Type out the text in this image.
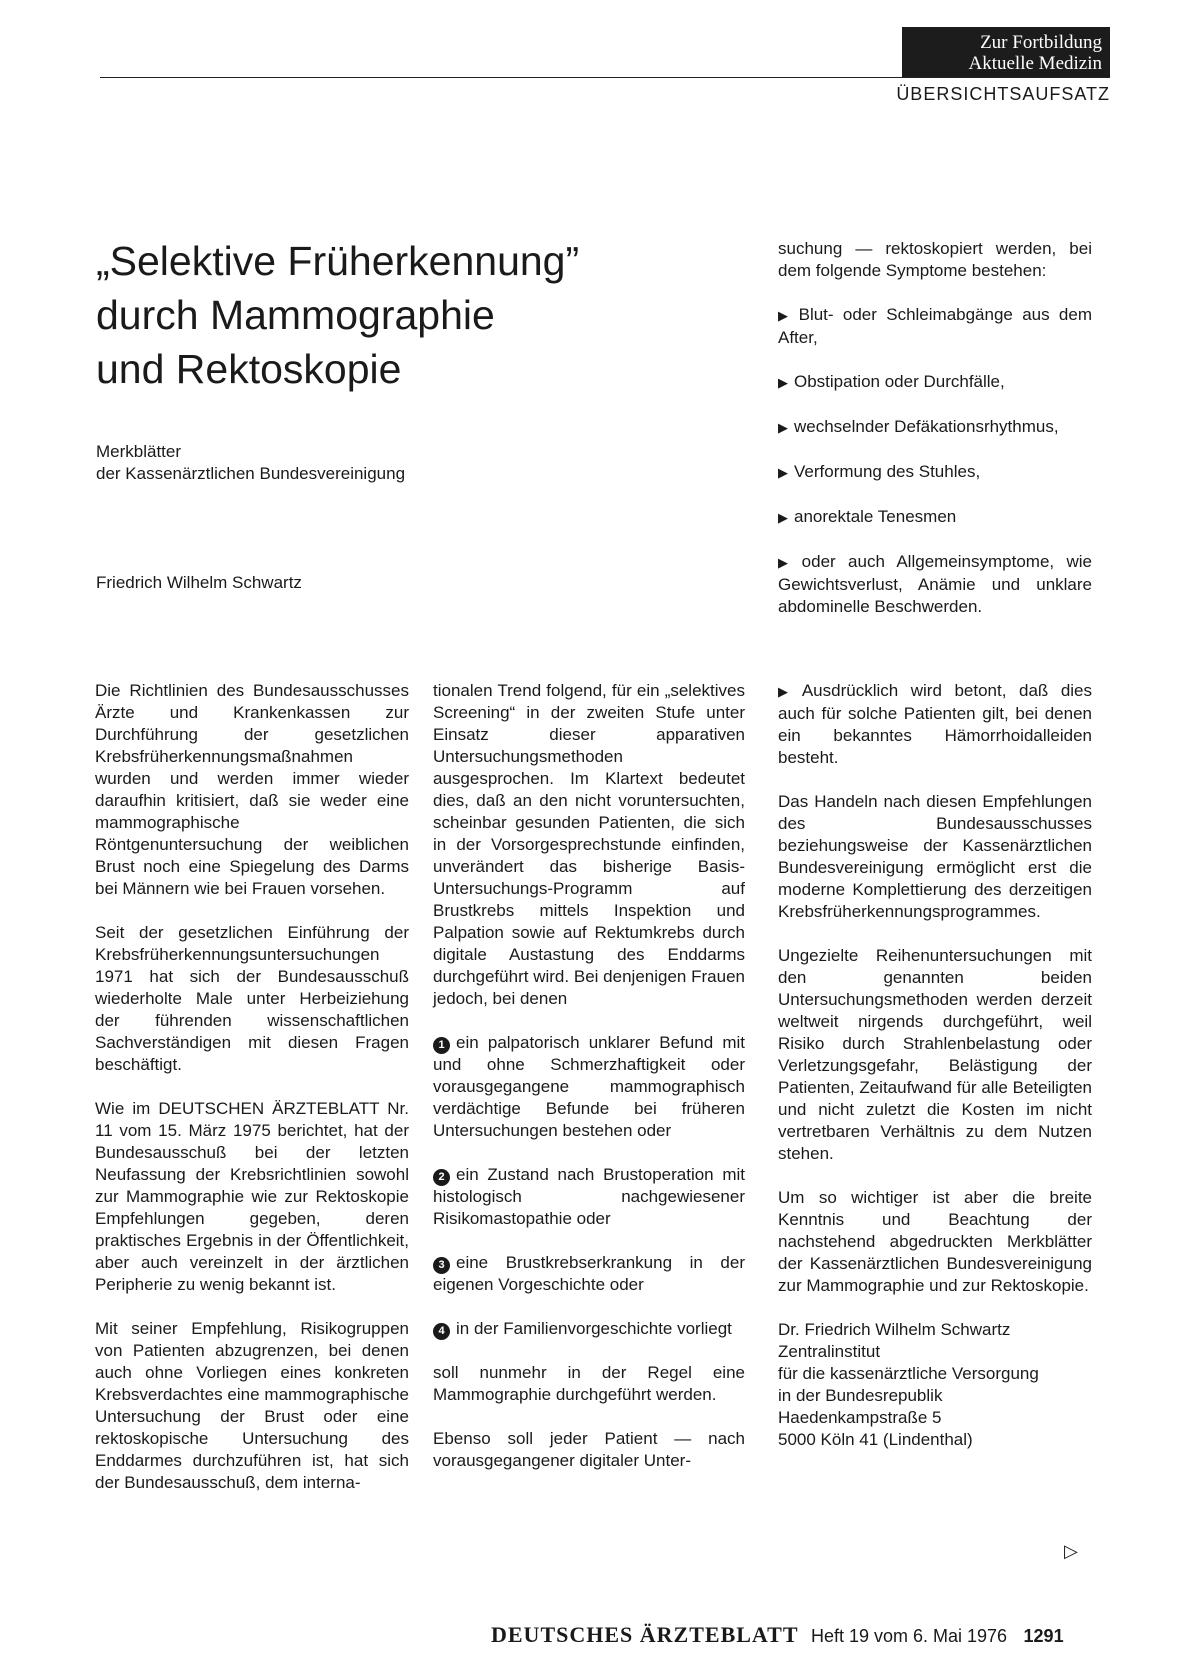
Zur Fortbildung
Aktuelle Medizin
ÜBERSICHTSAUFSATZ
„Selektive Früherkennung”
durch Mammographie
und Rektoskopie
Merkblätter
der Kassenärztlichen Bundesvereinigung
Friedrich Wilhelm Schwartz

suchung — rektoskopiert werden, bei dem folgende Symptome bestehen:

▶ Blut- oder Schleimabgänge aus dem After,

▶ Obstipation oder Durchfälle,

▶ wechselnder Defäkationsrhythmus,

▶ Verformung des Stuhles,

▶ anorektale Tenesmen

▶ oder auch Allgemeinsymptome, wie Gewichtsverlust, Anämie und unklare abdominelle Beschwerden.

Die Richtlinien des Bundesausschusses Ärzte und Krankenkassen zur Durchführung der gesetzlichen Krebsfrüherkennungsmaßnahmen wurden und werden immer wieder daraufhin kritisiert, daß sie weder eine mammographische Röntgenuntersuchung der weiblichen Brust noch eine Spiegelung des Darms bei Männern wie bei Frauen vorsehen.

Seit der gesetzlichen Einführung der Krebsfrüherkennungsuntersuchungen 1971 hat sich der Bundesausschuß wiederholte Male unter Herbeiziehung der führenden wissenschaftlichen Sachverständigen mit diesen Fragen beschäftigt.

Wie im DEUTSCHEN ÄRZTEBLATT Nr. 11 vom 15. März 1975 berichtet, hat der Bundesausschuß bei der letzten Neufassung der Krebsrichtlinien sowohl zur Mammographie wie zur Rektoskopie Empfehlungen gegeben, deren praktisches Ergebnis in der Öffentlichkeit, aber auch vereinzelt in der ärztlichen Peripherie zu wenig bekannt ist.

Mit seiner Empfehlung, Risikogruppen von Patienten abzugrenzen, bei denen auch ohne Vorliegen eines konkreten Krebsverdachtes eine mammographische Untersuchung der Brust oder eine rektoskopische Untersuchung des Enddarmes durchzuführen ist, hat sich der Bundesausschuß, dem interna-

tionalen Trend folgend, für ein „selektives Screening“ in der zweiten Stufe unter Einsatz dieser apparativen Untersuchungsmethoden ausgesprochen. Im Klartext bedeutet dies, daß an den nicht voruntersuchten, scheinbar gesunden Patienten, die sich in der Vorsorgesprechstunde einfinden, unverändert das bisherige Basis-Untersuchungs-Programm auf Brustkrebs mittels Inspektion und Palpation sowie auf Rektumkrebs durch digitale Austastung des Enddarms durchgeführt wird. Bei denjenigen Frauen jedoch, bei denen

1 ein palpatorisch unklarer Befund mit und ohne Schmerzhaftigkeit oder vorausgegangene mammographisch verdächtige Befunde bei früheren Untersuchungen bestehen oder

2 ein Zustand nach Brustoperation mit histologisch nachgewiesener Risikomastopathie oder

3 eine Brustkrebserkrankung in der eigenen Vorgeschichte oder

4 in der Familienvorgeschichte vorliegt

soll nunmehr in der Regel eine Mammographie durchgeführt werden.

Ebenso soll jeder Patient — nach vorausgegangener digitaler Unter-

▶ Ausdrücklich wird betont, daß dies auch für solche Patienten gilt, bei denen ein bekanntes Hämorrhoidalleiden besteht.

Das Handeln nach diesen Empfehlungen des Bundesausschusses beziehungsweise der Kassenärztlichen Bundesvereinigung ermöglicht erst die moderne Komplettierung des derzeitigen Krebsfrüherkennungsprogrammes.

Ungezielte Reihenuntersuchungen mit den genannten beiden Untersuchungsmethoden werden derzeit weltweit nirgends durchgeführt, weil Risiko durch Strahlenbelastung oder Verletzungsgefahr, Belästigung der Patienten, Zeitaufwand für alle Beteiligten und nicht zuletzt die Kosten im nicht vertretbaren Verhältnis zu dem Nutzen stehen.

Um so wichtiger ist aber die breite Kenntnis und Beachtung der nachstehend abgedruckten Merkblätter der Kassenärztlichen Bundesvereinigung zur Mammographie und zur Rektoskopie.

Dr. Friedrich Wilhelm Schwartz
Zentralinstitut
für die kassenärztliche Versorgung
in der Bundesrepublik
Haedenkampstraße 5
5000 Köln 41 (Lindenthal)
▷
DEUTSCHES ÄRZTEBLATT Heft 19 vom 6. Mai 1976 1291
